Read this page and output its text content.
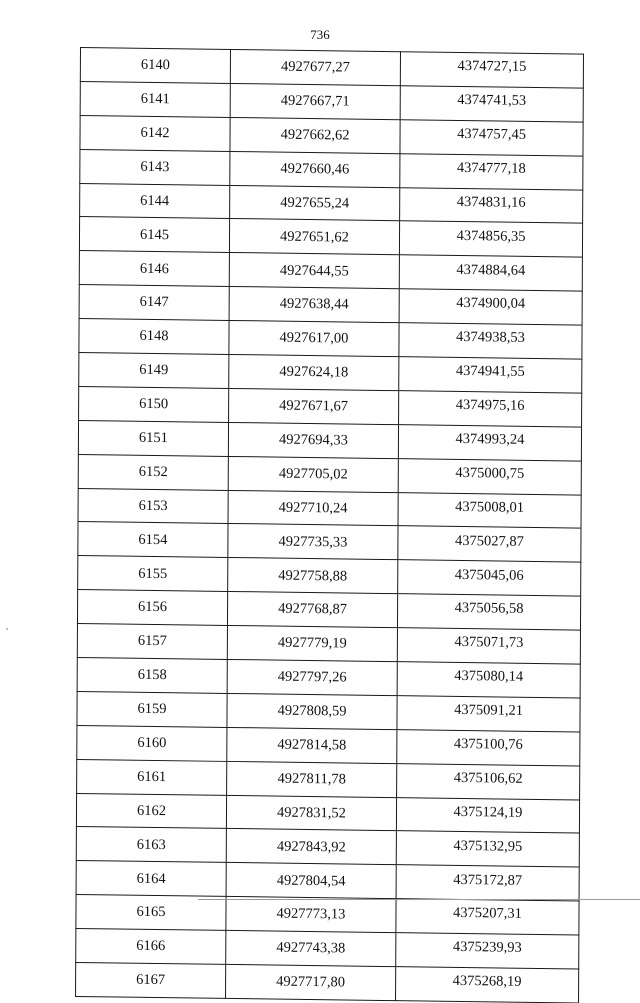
736
6140	4927677,27	4374727,15
6141	4927667,71	4374741,53
6142	4927662,62	4374757,45
6143	4927660,46	4374777,18
6144	4927655,24	4374831,16
6145	4927651,62	4374856,35
6146	4927644,55	4374884,64
6147	4927638,44	4374900,04
6148	4927617,00	4374938,53
6149	4927624,18	4374941,55
6150	4927671,67	4374975,16
6151	4927694,33	4374993,24
6152	4927705,02	4375000,75
6153	4927710,24	4375008,01
6154	4927735,33	4375027,87
6155	4927758,88	4375045,06
6156	4927768,87	4375056,58
6157	4927779,19	4375071,73
6158	4927797,26	4375080,14
6159	4927808,59	4375091,21
6160	4927814,58	4375100,76
6161	4927811,78	4375106,62
6162	4927831,52	4375124,19
6163	4927843,92	4375132,95
6164	4927804,54	4375172,87
6165	4927773,13	4375207,31
6166	4927743,38	4375239,93
6167	4927717,80	4375268,19
